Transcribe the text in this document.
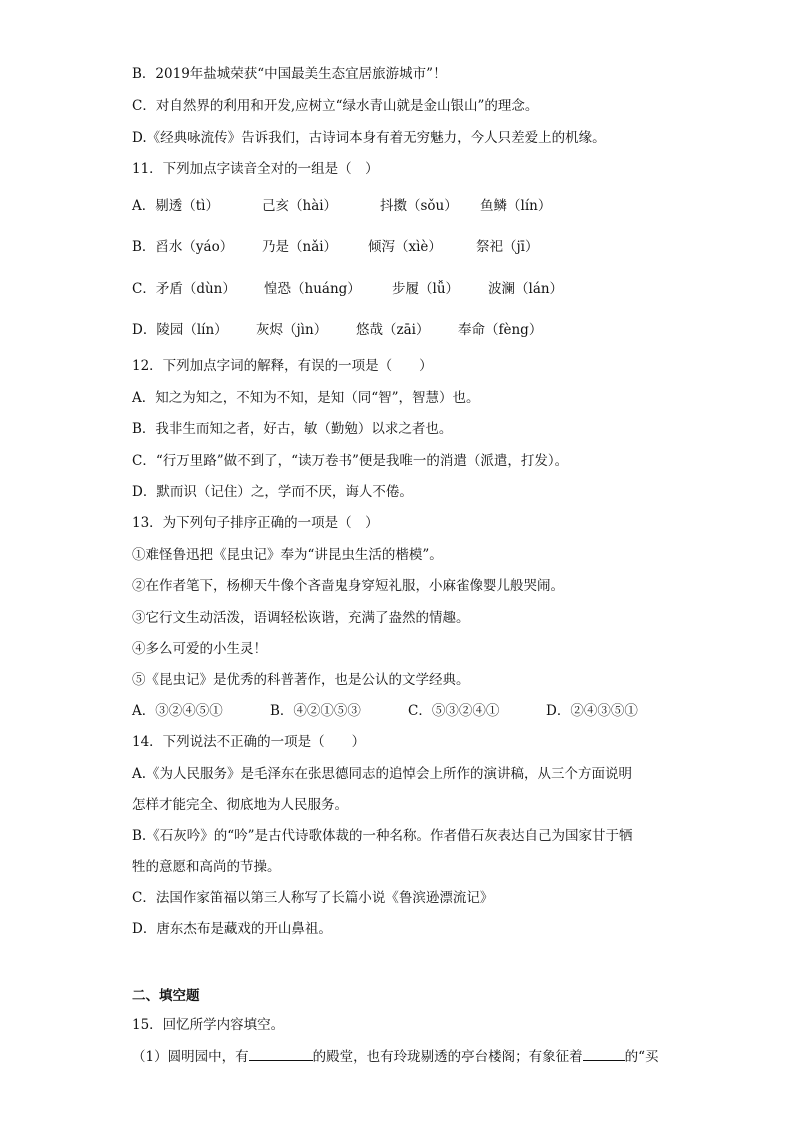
B．2019年盐城荣获“中国最美生态宜居旅游城市”！
C．对自然界的利用和开发,应树立“绿水青山就是金山银山”的理念。
D.《经典咏流传》告诉我们，古诗词本身有着无穷魅力，今人只差爱上的机缘。
11．下列加点字读音全对的一组是（　）
A．剔透（tì）	己亥（hài）	抖擞（sǒu） 鱼鳞（lín）
B．舀水（yáo） 乃是（nǎi） 倾泻（xìè）	祭祀（jī）
C．矛盾（dùn） 惶恐（huáng） 步履（lǚ） 波澜（lán）
D．陵园（lín） 灰烬（jìn） 悠哉（zāi） 奉命（fèng）
12．下列加点字词的解释，有误的一项是（　　）
A．知之为知之，不知为不知，是知（同“智”，智慧）也。
B．我非生而知之者，好古，敏（勤勉）以求之者也。
C．“行万里路”做不到了，“读万卷书”便是我唯一的消遣（派遣，打发）。
D．默而识（记住）之，学而不厌，诲人不倦。
13．为下列句子排序正确的一项是（　）
①难怪鲁迅把《昆虫记》奉为“讲昆虫生活的楷模”。
②在作者笔下，杨柳天牛像个吝啬鬼身穿短礼服，小麻雀像婴儿般哭闹。
③它行文生动活泼，语调轻松诙谐，充满了盎然的情趣。
④多么可爱的小生灵！
⑤《昆虫记》是优秀的科普著作，也是公认的文学经典。
A．③②④⑤①	B．④②①⑤③	C．⑤③②④①	D．②④③⑤①
14．下列说法不正确的一项是（　　）
A.《为人民服务》是毛泽东在张思德同志的追悼会上所作的演讲稿，从三个方面说明
怎样才能完全、彻底地为人民服务。
B.《石灰吟》的“吟”是古代诗歌体裁的一种名称。作者借石灰表达自己为国家甘于牺
牲的意愿和高尚的节操。
C．法国作家笛福以第三人称写了长篇小说《鲁滨逊漂流记》
D．唐东杰布是藏戏的开山鼻祖。
二、填空题
15．回忆所学内容填空。
（1）圆明园中，有	的殿堂，也有玲珑剔透的亭台楼阁；有象征着	的“买
